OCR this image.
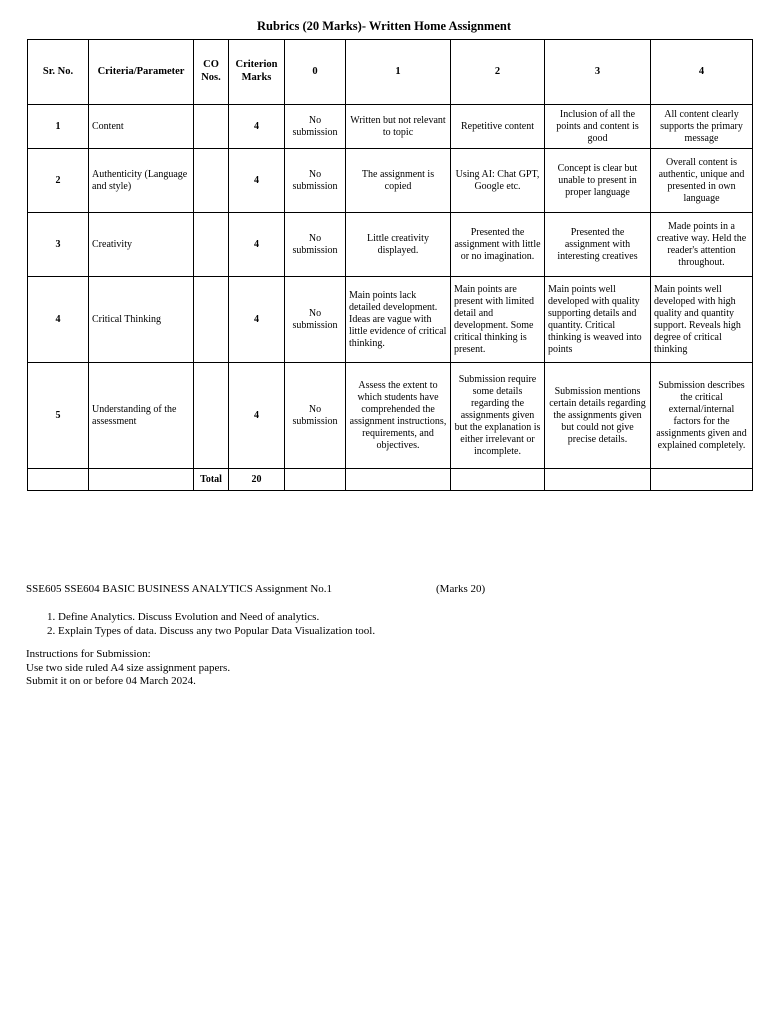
Rubrics (20 Marks)- Written Home Assignment
Sr. No.	Criteria/Parameter	CO Nos.	Criterion Marks	0	1	2	3	4
1	Content		4	No submission	Written but not relevant to topic	Repetitive content	Inclusion of all the points and content is good	All content clearly supports the primary message
2	Authenticity (Language and style)		4	No submission	The assignment is copied	Using AI: Chat GPT, Google etc.	Concept is clear but unable to present in proper language	Overall content is authentic, unique and presented in own language
3	Creativity		4	No submission	Little creativity displayed.	Presented the assignment with little or no imagination.	Presented the assignment with interesting creatives	Made points in a creative way. Held the reader's attention throughout.
4	Critical Thinking		4	No submission	Main points lack detailed development. Ideas are vague with little evidence of critical thinking.	Main points are present with limited detail and development. Some critical thinking is present.	Main points well developed with quality supporting details and quantity. Critical thinking is weaved into points	Main points well developed with high quality and quantity support. Reveals high degree of critical thinking
5	Understanding of the assessment		4	No submission	Assess the extent to which students have comprehended the assignment instructions, requirements, and objectives.	Submission require some details regarding the assignments given but the explanation is either irrelevant or incomplete.	Submission mentions certain details regarding the assignments given but could not give precise details.	Submission describes the critical external/internal factors for the assignments given and explained completely.
		Total	20					
SSE605 SSE604 BASIC BUSINESS ANALYTICS Assignment No.1	(Marks 20)
1. Define Analytics. Discuss Evolution and Need of analytics.
2. Explain Types of data. Discuss any two Popular Data Visualization tool.
Instructions for Submission:
Use two side ruled A4 size assignment papers.
Submit it on or before 04 March 2024.
